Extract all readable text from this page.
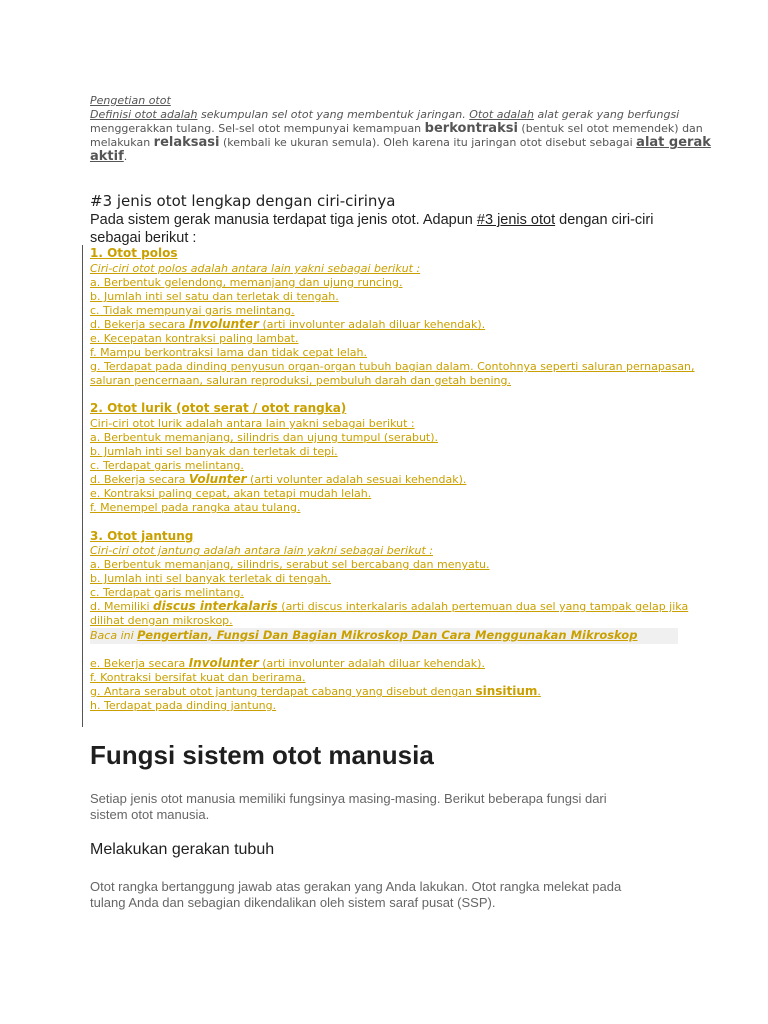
Pengetian otot
Definisi otot adalah sekumpulan sel otot yang membentuk jaringan. Otot adalah alat gerak yang berfungsi
menggerakkan tulang. Sel-sel otot mempunyai kemampuan berkontraksi (bentuk sel otot memendek) dan
melakukan relaksasi (kembali ke ukuran semula). Oleh karena itu jaringan otot disebut sebagai alat gerak
aktif.
#3 jenis otot lengkap dengan ciri-cirinya
Pada sistem gerak manusia terdapat tiga jenis otot. Adapun #3 jenis otot dengan ciri-ciri
sebagai berikut :
1. Otot polos
Ciri-ciri otot polos adalah antara lain yakni sebagai berikut :
a. Berbentuk gelendong, memanjang dan ujung runcing.
b. Jumlah inti sel satu dan terletak di tengah.
c. Tidak mempunyai garis melintang.
d. Bekerja secara Involunter (arti involunter adalah diluar kehendak).
e. Kecepatan kontraksi paling lambat.
f. Mampu berkontraksi lama dan tidak cepat lelah.
g. Terdapat pada dinding penyusun organ-organ tubuh bagian dalam. Contohnya seperti saluran pernapasan,
saluran pencernaan, saluran reproduksi, pembuluh darah dan getah bening.
2. Otot lurik (otot serat / otot rangka)
Ciri-ciri otot lurik adalah antara lain yakni sebagai berikut :
a. Berbentuk memanjang, silindris dan ujung tumpul (serabut).
b. Jumlah inti sel banyak dan terletak di tepi.
c. Terdapat garis melintang.
d. Bekerja secara Volunter (arti volunter adalah sesuai kehendak).
e. Kontraksi paling cepat, akan tetapi mudah lelah.
f. Menempel pada rangka atau tulang.
3. Otot jantung
Ciri-ciri otot jantung adalah antara lain yakni sebagai berikut :
a. Berbentuk memanjang, silindris, serabut sel bercabang dan menyatu.
b. Jumlah inti sel banyak terletak di tengah.
c. Terdapat garis melintang.
d. Memiliki discus interkalaris (arti discus interkalaris adalah pertemuan dua sel yang tampak gelap jika
dilihat dengan mikroskop.
Baca ini Pengertian, Fungsi Dan Bagian Mikroskop Dan Cara Menggunakan Mikroskop
e. Bekerja secara Involunter (arti involunter adalah diluar kehendak).
f. Kontraksi bersifat kuat dan berirama.
g. Antara serabut otot jantung terdapat cabang yang disebut dengan sinsitium.
h. Terdapat pada dinding jantung.
Fungsi sistem otot manusia
Setiap jenis otot manusia memiliki fungsinya masing-masing. Berikut beberapa fungsi dari
sistem otot manusia.
Melakukan gerakan tubuh
Otot rangka bertanggung jawab atas gerakan yang Anda lakukan. Otot rangka melekat pada
tulang Anda dan sebagian dikendalikan oleh sistem saraf pusat (SSP).
